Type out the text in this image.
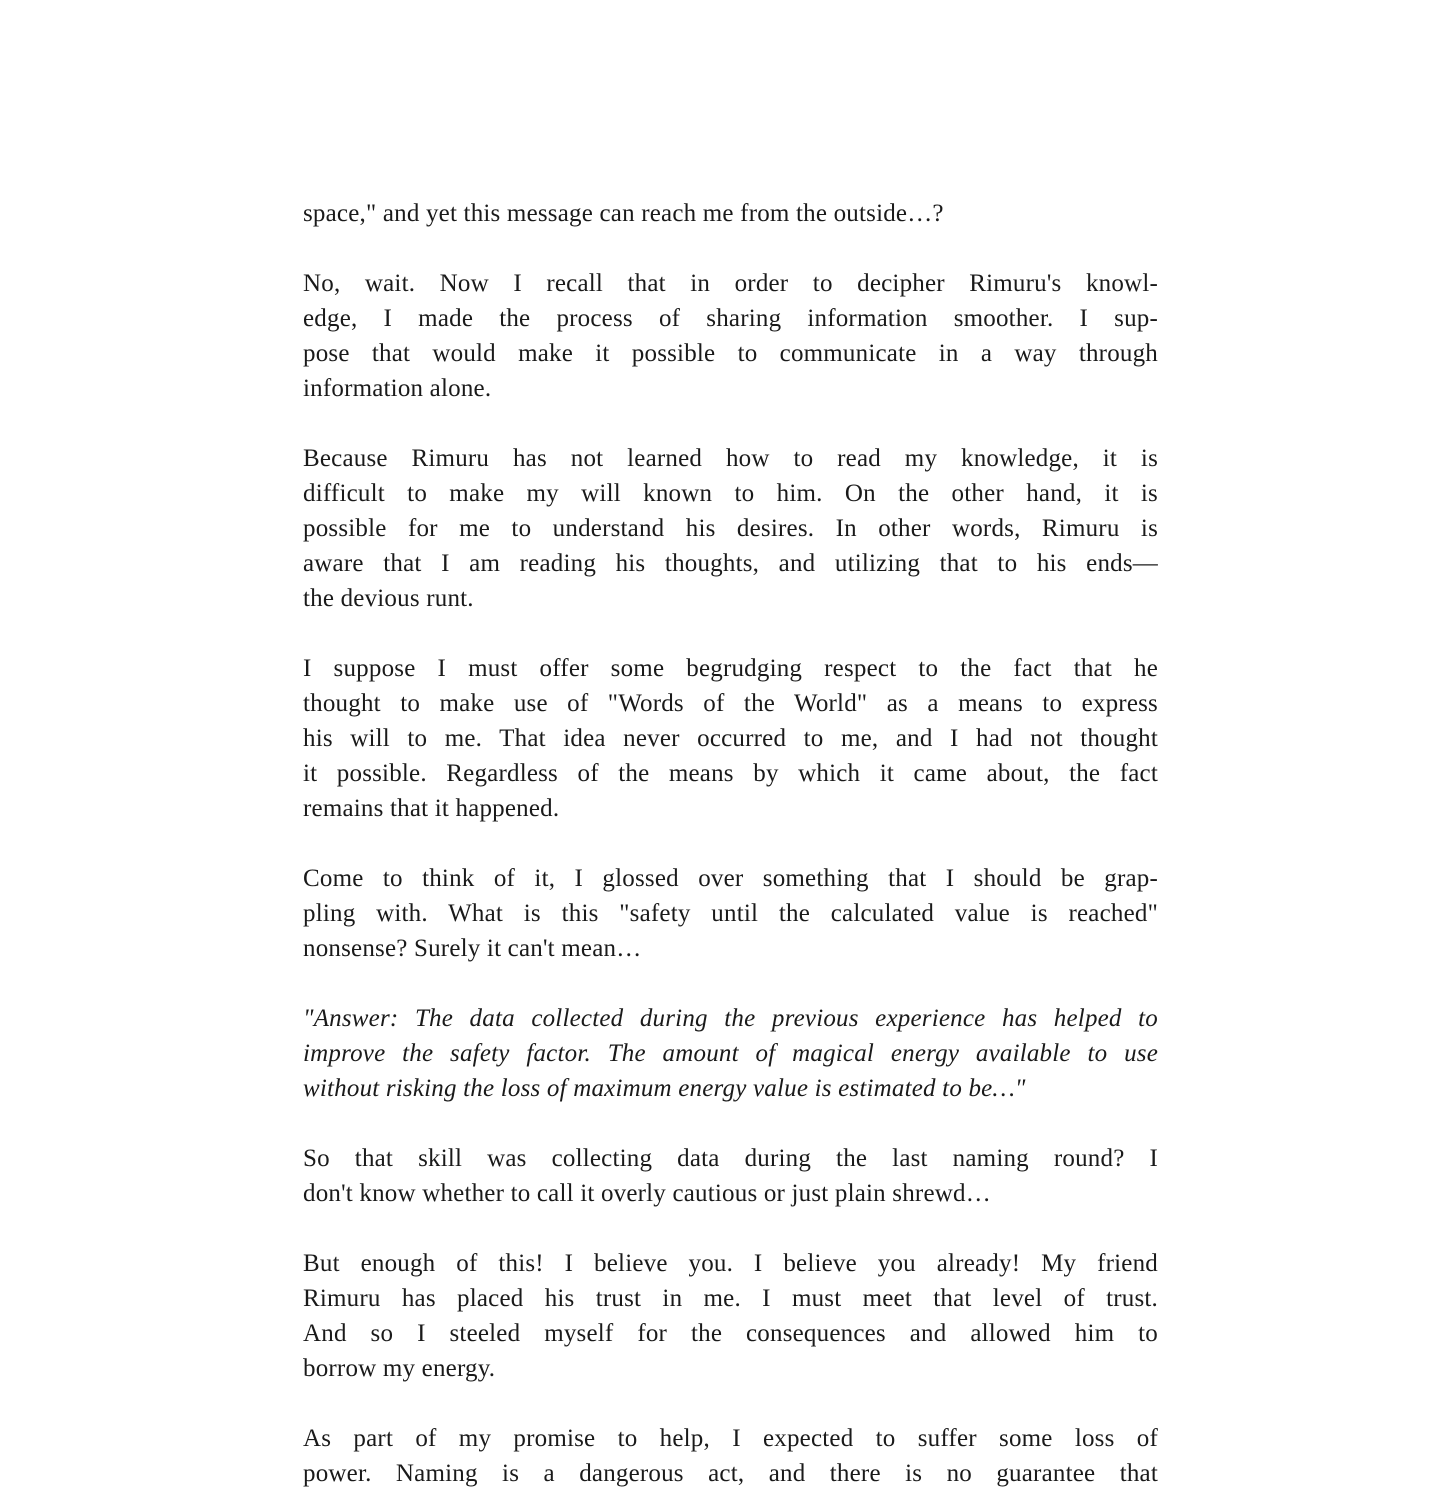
space," and yet this message can reach me from the outside…?
No, wait. Now I recall that in order to decipher Rimuru's knowl-
edge, I made the process of sharing information smoother. I sup-
pose that would make it possible to communicate in a way through
information alone.
Because Rimuru has not learned how to read my knowledge, it is
difficult to make my will known to him. On the other hand, it is
possible for me to understand his desires. In other words, Rimuru is
aware that I am reading his thoughts, and utilizing that to his ends—
the devious runt.
I suppose I must offer some begrudging respect to the fact that he
thought to make use of "Words of the World" as a means to express
his will to me. That idea never occurred to me, and I had not thought
it possible. Regardless of the means by which it came about, the fact
remains that it happened.
Come to think of it, I glossed over something that I should be grap-
pling with. What is this "safety until the calculated value is reached"
nonsense? Surely it can't mean…
"Answer: The data collected during the previous experience has helped to
improve the safety factor. The amount of magical energy available to use
without risking the loss of maximum energy value is estimated to be…"
So that skill was collecting data during the last naming round? I
don't know whether to call it overly cautious or just plain shrewd…
But enough of this! I believe you. I believe you already! My friend
Rimuru has placed his trust in me. I must meet that level of trust.
And so I steeled myself for the consequences and allowed him to
borrow my energy.
As part of my promise to help, I expected to suffer some loss of
power. Naming is a dangerous act, and there is no guarantee that
